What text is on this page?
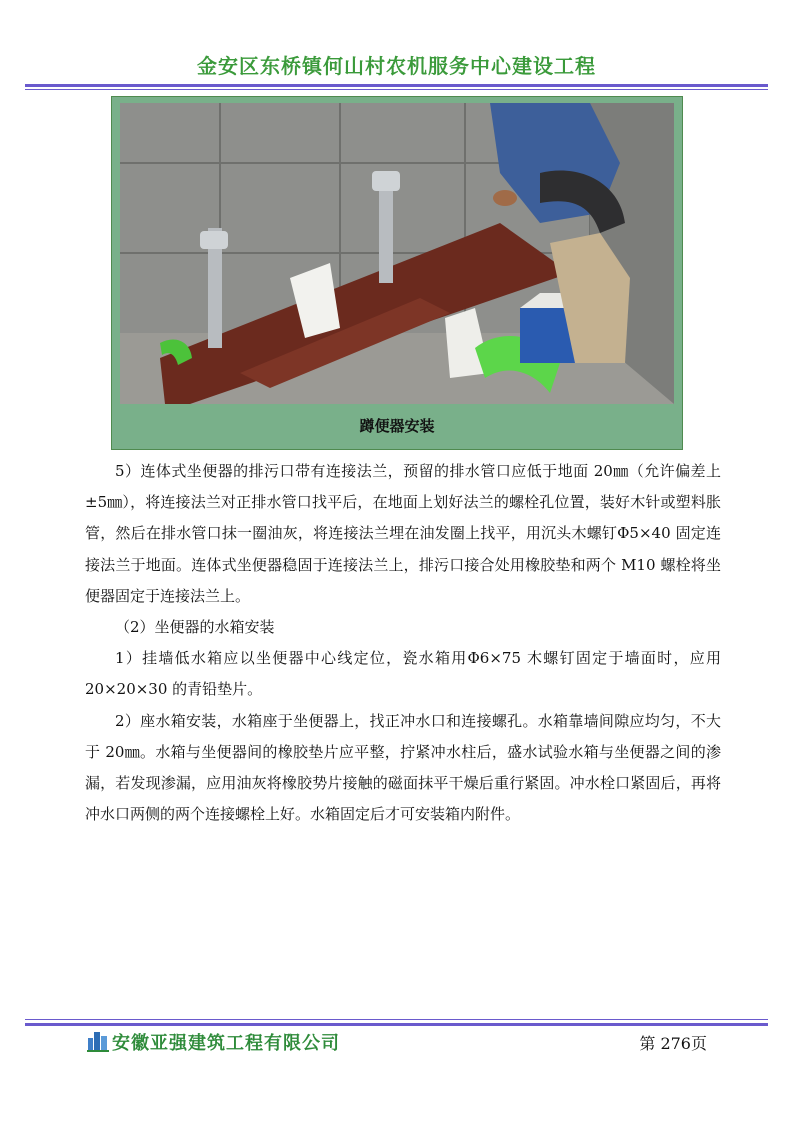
金安区东桥镇何山村农机服务中心建设工程
蹲便器安装

5）连体式坐便器的排污口带有连接法兰，预留的排水管口应低于地面 20㎜（允许偏差上±5㎜），将连接法兰对正排水管口找平后，在地面上划好法兰的螺栓孔位置，装好木针或塑料胀管，然后在排水管口抹一圈油灰，将连接法兰埋在油发圈上找平，用沉头木螺钉Φ5×40 固定连接法兰于地面。连体式坐便器稳固于连接法兰上，排污口接合处用橡胶垫和两个 M10 螺栓将坐便器固定于连接法兰上。

（2）坐便器的水箱安装

1）挂墙低水箱应以坐便器中心线定位，瓷水箱用Φ6×75 木螺钉固定于墙面时，应用 20×20×30 的青铅垫片。

2）座水箱安装，水箱座于坐便器上，找正冲水口和连接螺孔。水箱靠墙间隙应均匀，不大于 20㎜。水箱与坐便器间的橡胶垫片应平整，拧紧冲水柱后，盛水试验水箱与坐便器之间的渗漏，若发现渗漏，应用油灰将橡胶势片接触的磁面抹平干燥后重行紧固。冲水栓口紧固后，再将冲水口两侧的两个连接螺栓上好。水箱固定后才可安装箱内附件。

安徽亚强建筑工程有限公司	第 276页
